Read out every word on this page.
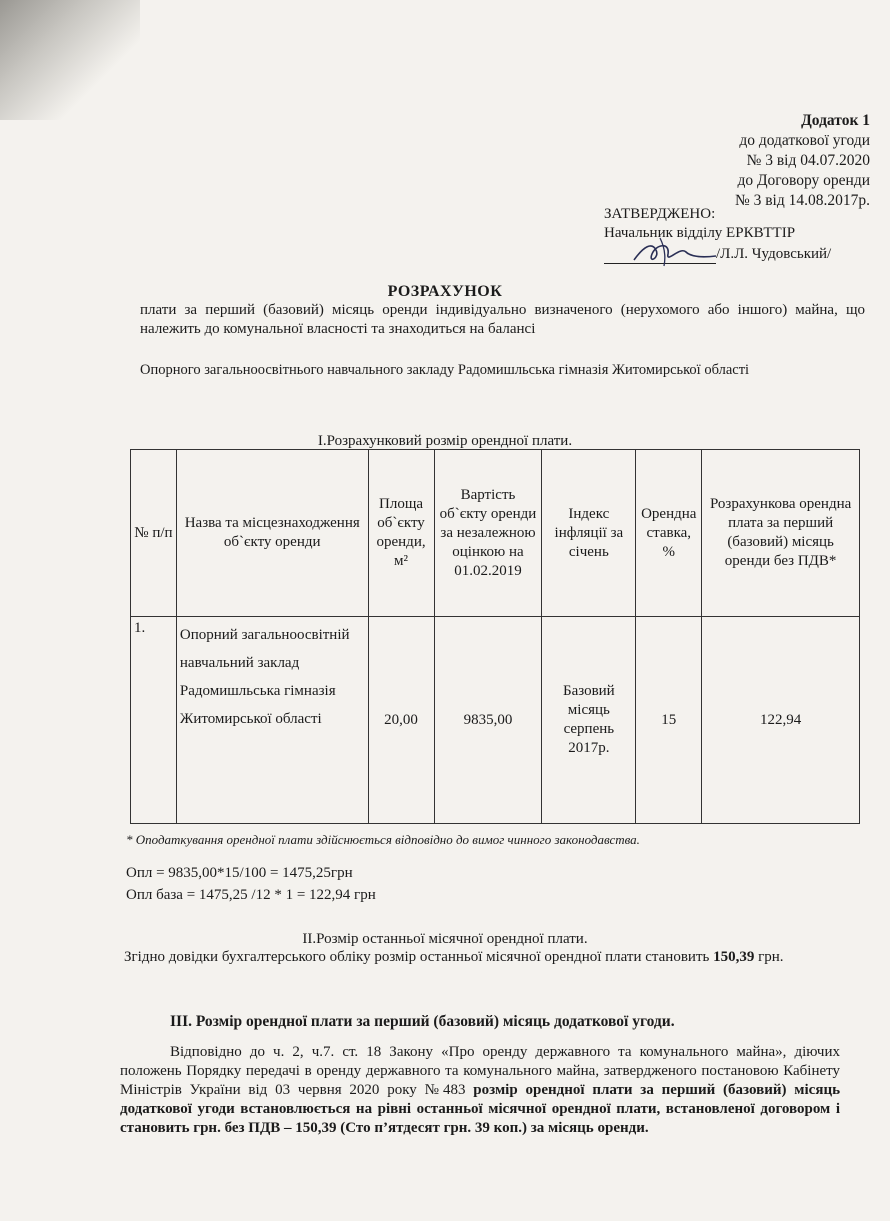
Додаток 1
до додаткової угоди
№ 3 від 04.07.2020
до Договору оренди
№ 3 від 14.08.2017р.
ЗАТВЕРДЖЕНО:
Начальник відділу ЕРКВТТІР
/Л.Л. Чудовський/
РОЗРАХУНОК
плати за перший (базовий) місяць оренди індивідуально визначеного (нерухомого або іншого) майна, що належить до комунальної власності та знаходиться на балансі
Опорного загальноосвітнього навчального закладу Радомишльська гімназія Житомирської області
І.Розрахунковий розмір орендної плати.
№ п/п	Назва та місцезнаходження об`єкту оренди	Площа об`єкту оренди, м²	Вартість об`єкту оренди за незалежною оцінкою на 01.02.2019	Індекс інфляції за січень	Орендна ставка, %	Розрахункова орендна плата за перший (базовий) місяць оренди без ПДВ*
1.	Опорний загальноосвітній навчальний заклад Радомишльська гімназія Житомирської області	20,00	9835,00	Базовий місяць серпень 2017р.	15	122,94
* Оподаткування орендної плати здійснюється відповідно до вимог чинного законодавства.
Опл = 9835,00*15/100 = 1475,25грн
Опл база = 1475,25 /12 * 1 = 122,94 грн
ІІ.Розмір останньої місячної орендної плати.
Згідно довідки бухгалтерського обліку розмір останньої місячної орендної плати становить 150,39 грн.
ІІІ. Розмір орендної плати за перший (базовий) місяць додаткової угоди.
Відповідно до ч. 2, ч.7. ст. 18 Закону «Про оренду державного та комунального майна», діючих положень Порядку передачі в оренду державного та комунального майна, затвердженого постановою Кабінету Міністрів України від 03 червня 2020 року №483 розмір орендної плати за перший (базовий) місяць додаткової угоди встановлюється на рівні останньої місячної орендної плати, встановленої договором і становить грн. без ПДВ – 150,39 (Сто п’ятдесят грн. 39 коп.) за місяць оренди.
